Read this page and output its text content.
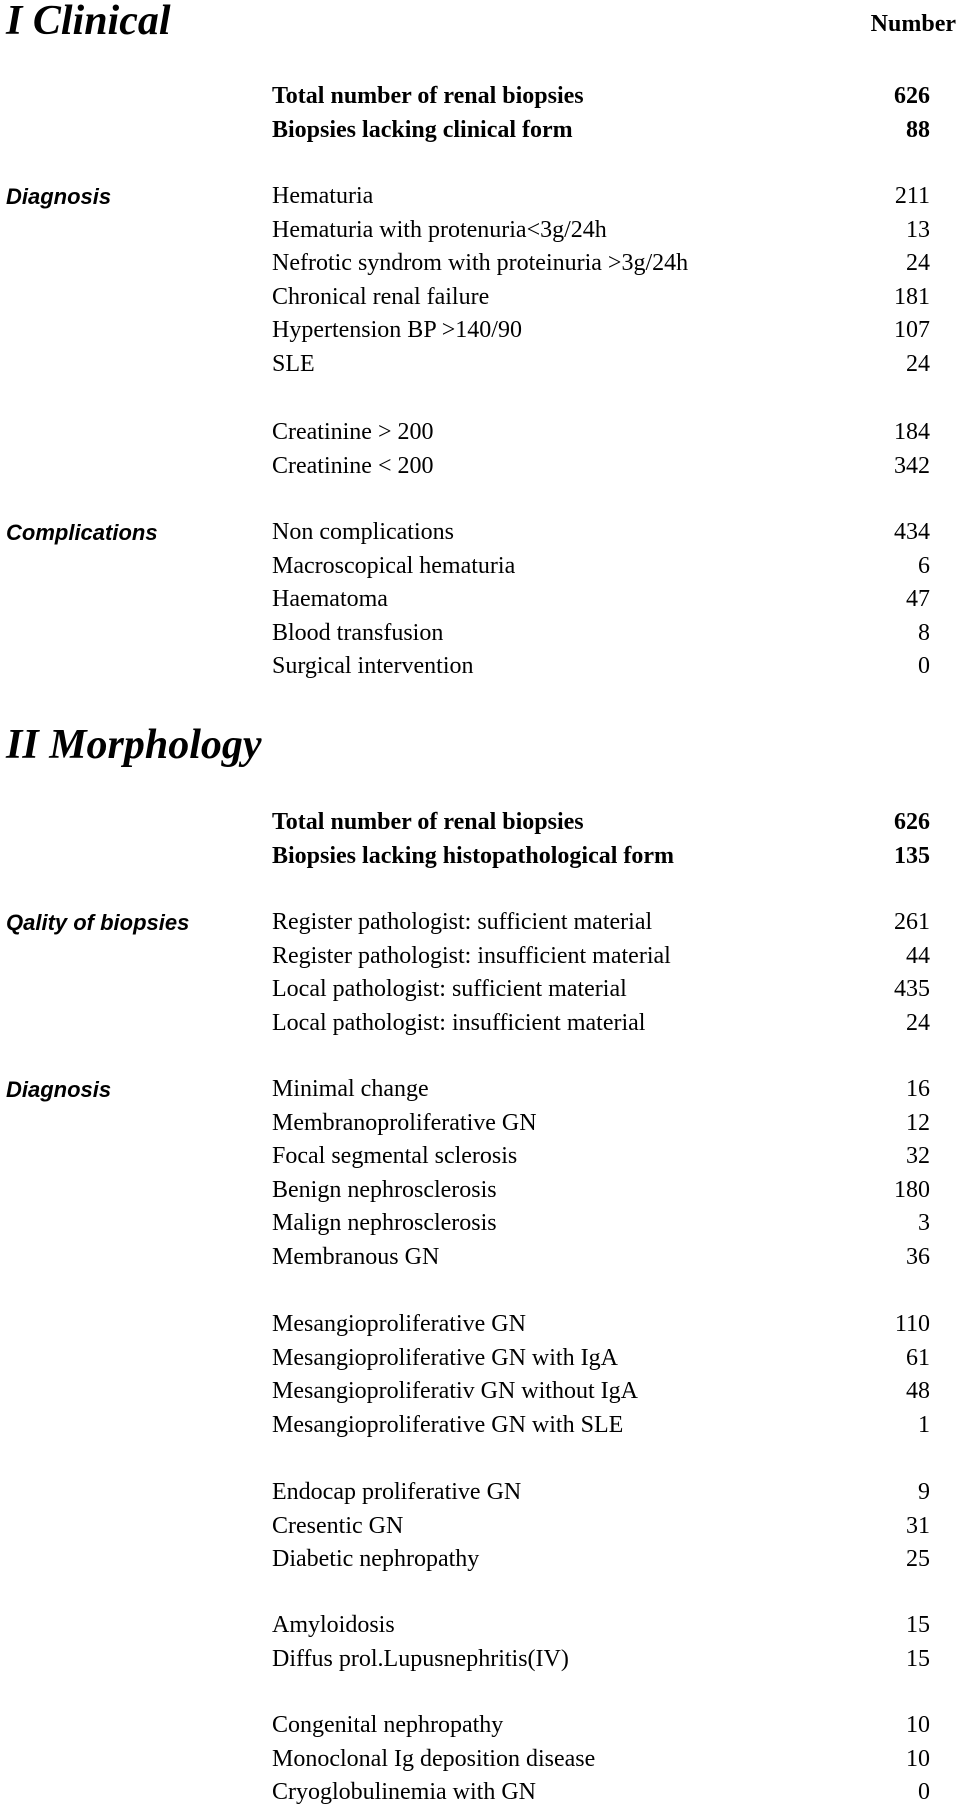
I Clinical	Number
Total number of renal biopsies	626
Biopsies lacking clinical form	88
Diagnosis	Hematuria	211
Hematuria with protenuria<3g/24h	13
Nefrotic syndrom with proteinuria >3g/24h	24
Chronical renal failure	181
Hypertension BP >140/90	107
SLE	24
Creatinine > 200	184
Creatinine < 200	342
Complications	Non complications	434
Macroscopical hematuria	6
Haematoma	47
Blood transfusion	8
Surgical intervention	0
II Morphology
Total number of renal biopsies	626
Biopsies lacking histopathological form	135
Qality of biopsies	Register pathologist: sufficient material	261
Register pathologist: insufficient material	44
Local pathologist: sufficient material	435
Local pathologist: insufficient material	24
Diagnosis	Minimal change	16
Membranoproliferative GN	12
Focal segmental sclerosis	32
Benign nephrosclerosis	180
Malign nephrosclerosis	3
Membranous GN	36
Mesangioproliferative GN	110
Mesangioproliferative GN with IgA	61
Mesangioproliferativ GN without IgA	48
Mesangioproliferative GN with SLE	1
Endocap proliferative GN	9
Cresentic GN	31
Diabetic nephropathy	25
Amyloidosis	15
Diffus prol.Lupusnephritis(IV)	15
Congenital nephropathy	10
Monoclonal Ig deposition disease	10
Cryoglobulinemia with GN	0
